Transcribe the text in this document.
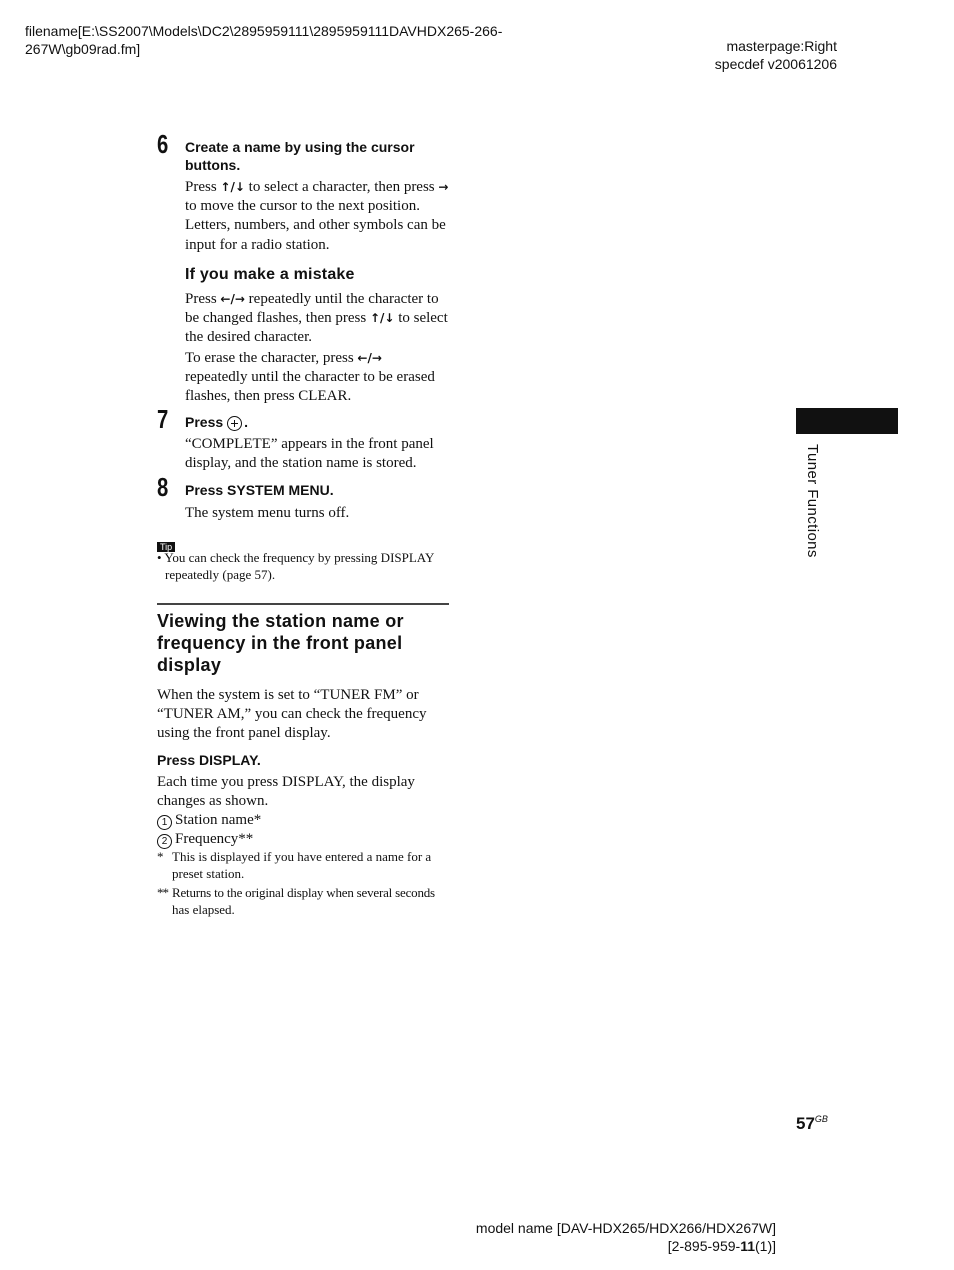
filename[E:\SS2007\Models\DC2\2895959111\2895959111DAVHDX265-266-
267W\gb09rad.fm]	masterpage:Right
specdef v20061206
6 Create a name by using the cursor
buttons.
Press ↑/↓ to select a character, then press →
to move the cursor to the next position.
Letters, numbers, and other symbols can be
input for a radio station.
If you make a mistake
Press ←/→ repeatedly until the character to
be changed flashes, then press ↑/↓ to select
the desired character.
To erase the character, press ←/→
repeatedly until the character to be erased
flashes, then press CLEAR.
7 Press .
“COMPLETE” appears in the front panel
display, and the station name is stored.
8 Press SYSTEM MENU.
The system menu turns off.
Tip
• You can check the frequency by pressing DISPLAY
repeatedly (page 57).
Viewing the station name or
frequency in the front panel
display
When the system is set to “TUNER FM” or
“TUNER AM,” you can check the frequency
using the front panel display.
Press DISPLAY.
Each time you press DISPLAY, the display
changes as shown.
1 Station name*
2 Frequency**
* This is displayed if you have entered a name for a
preset station.
** Returns to the original display when several seconds
has elapsed.
Tuner Functions
$57^{GB}$
model name [DAV-HDX265/HDX266/HDX267W]
[2-895-959-11(1)]
